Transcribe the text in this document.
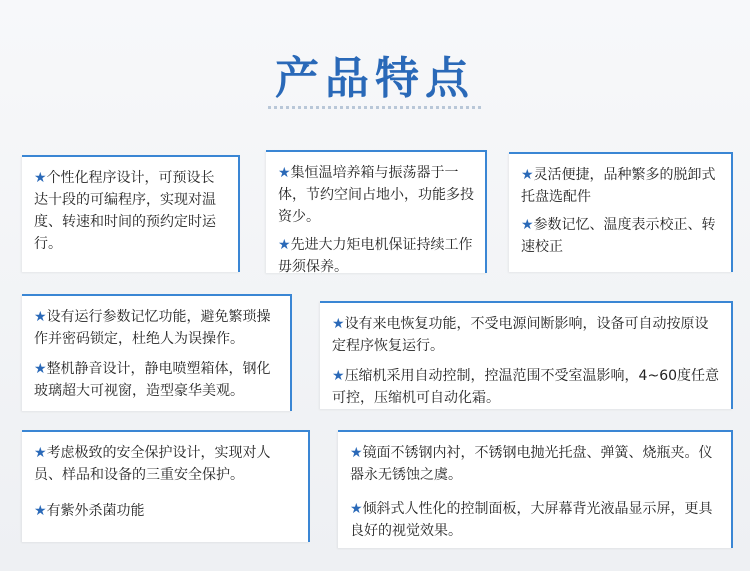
产品特点

★个性化程序设计，可预设长达十段的可编程序，实现对温度、转速和时间的预约定时运行。

★集恒温培养箱与振荡器于一体，节约空间占地小，功能多投资少。

★先进大力矩电机保证持续工作毋须保养。

★灵活便捷，品种繁多的脱卸式托盘选配件

★参数记忆、温度表示校正、转速校正

★设有运行参数记忆功能，避免繁琐操作并密码锁定，杜绝人为误操作。

★整机静音设计，静电喷塑箱体，钢化玻璃超大可视窗，造型豪华美观。

★设有来电恢复功能，不受电源间断影响，设备可自动按原设定程序恢复运行。

★压缩机采用自动控制，控温范围不受室温影响，4~60度任意可控，压缩机可自动化霜。

★考虑极致的安全保护设计，实现对人员、样品和设备的三重安全保护。

★有紫外杀菌功能

★镜面不锈钢内衬，不锈钢电抛光托盘、弹簧、烧瓶夹。仪器永无锈蚀之虞。

★倾斜式人性化的控制面板，大屏幕背光液晶显示屏，更具良好的视觉效果。
